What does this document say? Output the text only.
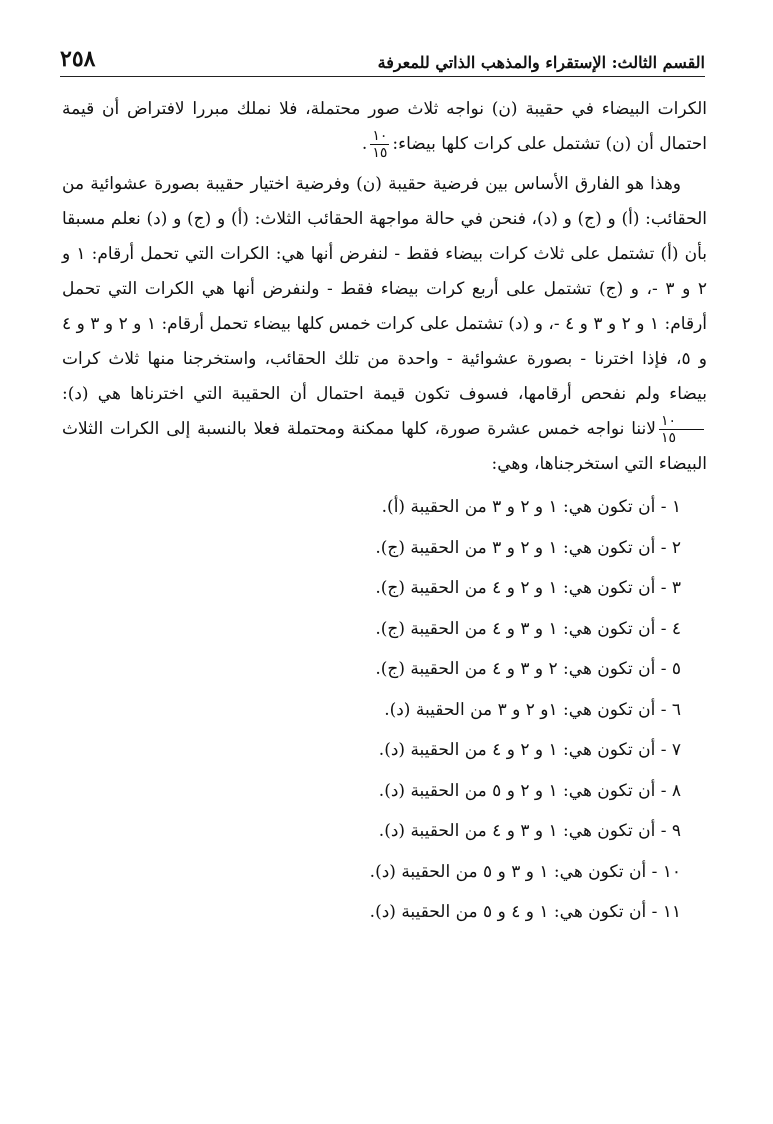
القسم الثالث: الإستقراء والمذهب الذاتي للمعرفة
٢٥٨

الكرات البيضاء في حقيبة (ن) نواجه ثلاث صور محتملة، فلا نملك مبررا لافتراض أن قيمة احتمال أن (ن) تشتمل على كرات كلها بيضاء:
$\frac{١٠}{١٥}$
.

وهذا هو الفارق الأساس بين فرضية حقيبة (ن) وفرضية اختيار حقيبة بصورة عشوائية من الحقائب: (أ) و (ج) و (د)، فنحن في حالة مواجهة الحقائب الثلاث: (أ) و (ج) و (د) نعلم مسبقا بأن (أ) تشتمل على ثلاث كرات بيضاء فقط - لنفرض أنها هي: الكرات التي تحمل أرقام: ١ و ٢ و ٣ -، و (ج) تشتمل على أربع كرات بيضاء فقط - ولنفرض أنها هي الكرات التي تحمل أرقام: ١ و ٢ و ٣ و ٤ -، و (د) تشتمل على كرات خمس كلها بيضاء تحمل أرقام: ١ و ٢ و ٣ و ٤ و ٥، فإذا اخترنا - بصورة عشوائية - واحدة من تلك الحقائب، واستخرجنا منها ثلاث كرات بيضاء ولم نفحص أرقامها، فسوف تكون قيمة احتمال أن الحقيبة التي اخترناها هي (د):
$\frac{١٠}{١٥}$
لاننا نواجه خمس عشرة صورة، كلها ممكنة ومحتملة فعلا بالنسبة إلى الكرات الثلاث البيضاء التي استخرجناها، وهي:

١ - أن تكون هي: ١ و ٢ و ٣ من الحقيبة (أ).
٢ - أن تكون هي: ١ و ٢ و ٣ من الحقيبة (ج).
٣ - أن تكون هي: ١ و ٢ و ٤ من الحقيبة (ج).
٤ - أن تكون هي: ١ و ٣ و ٤ من الحقيبة (ج).
٥ - أن تكون هي: ٢ و ٣ و ٤ من الحقيبة (ج).
٦ - أن تكون هي: ١و ٢ و ٣ من الحقيبة (د).
٧ - أن تكون هي: ١ و ٢ و ٤ من الحقيبة (د).
٨ - أن تكون هي: ١ و ٢ و ٥ من الحقيبة (د).
٩ - أن تكون هي: ١ و ٣ و ٤ من الحقيبة (د).
١٠ - أن تكون هي: ١ و ٣ و ٥ من الحقيبة (د).
١١ - أن تكون هي: ١ و ٤ و ٥ من الحقيبة (د).
